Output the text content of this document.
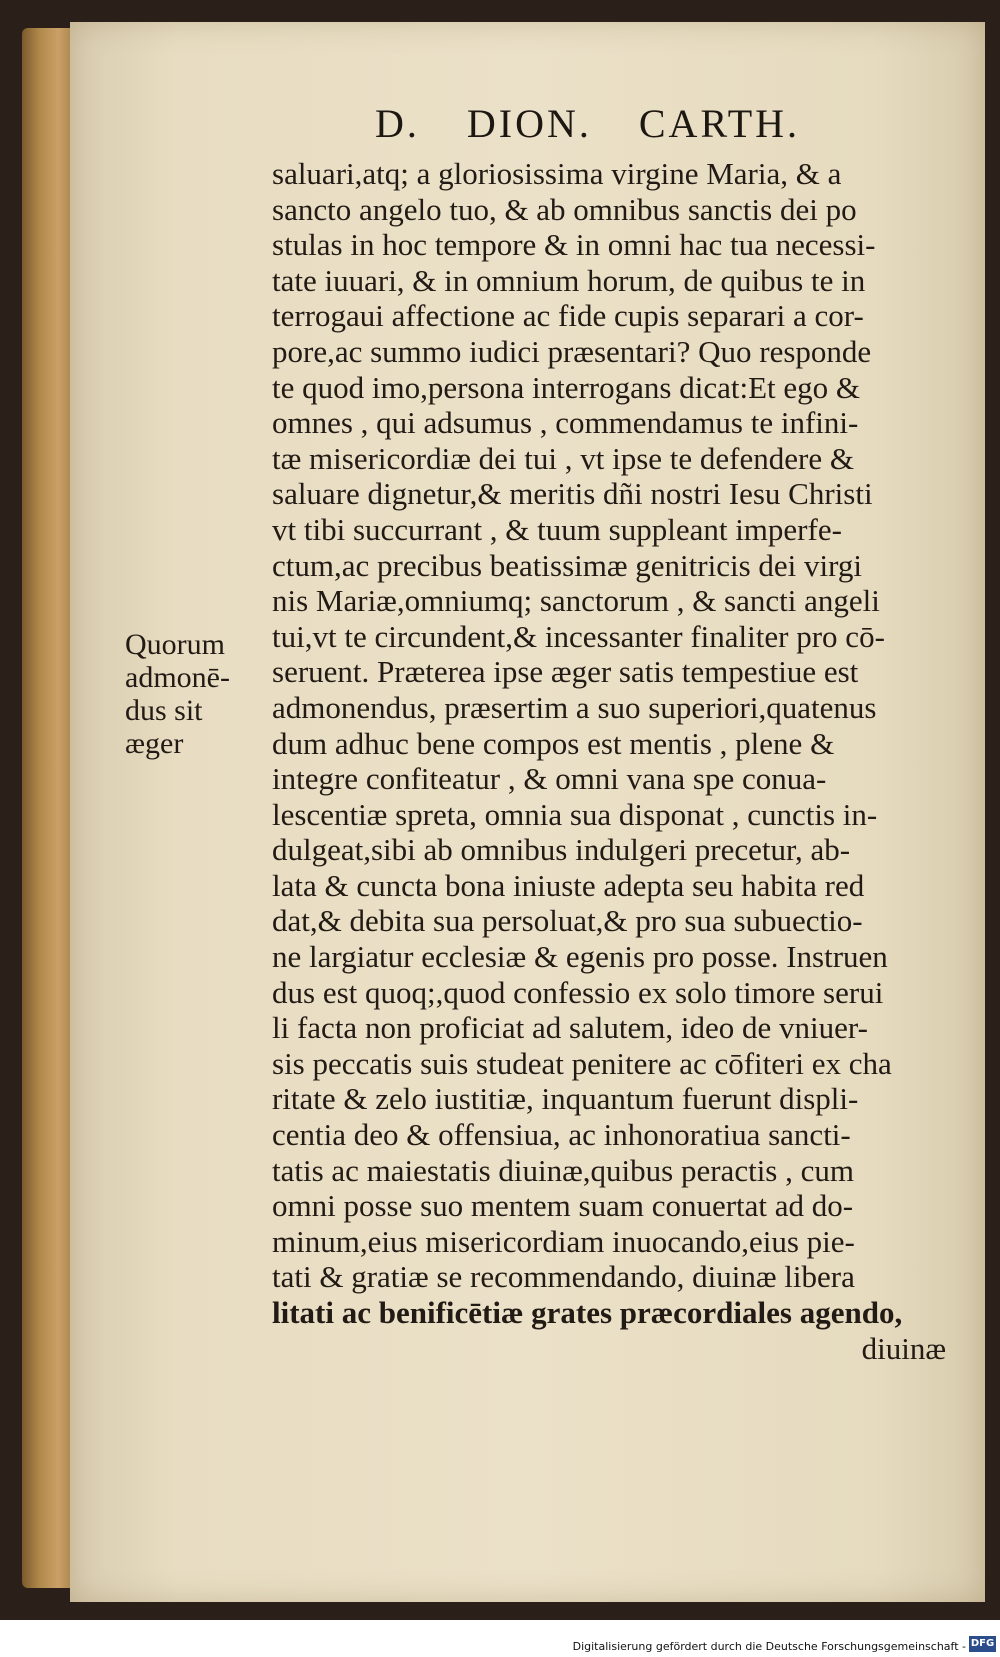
D. DION. CARTH.
Quorum
admonē-
dus sit
æger
saluari,atq; a gloriosissima virgine Maria, & a
sancto angelo tuo, & ab omnibus sanctis dei po
stulas in hoc tempore & in omni hac tua necessi-
tate iuuari, & in omnium horum, de quibus te in
terrogaui affectione ac fide cupis separari a cor-
pore,ac summo iudici præsentari? Quo responde
te quod imo,persona interrogans dicat:Et ego &
omnes , qui adsumus , commendamus te infini-
tæ misericordiæ dei tui , vt ipse te defendere &
saluare dignetur,& meritis dñi nostri Iesu Christi
vt tibi succurrant , & tuum suppleant imperfe-
ctum,ac precibus beatissimæ genitricis dei virgi
nis Mariæ,omniumq; sanctorum , & sancti angeli
tui,vt te circundent,& incessanter finaliter pro cō-
seruent. Præterea ipse æger satis tempestiue est
admonendus, præsertim a suo superiori,quatenus
dum adhuc bene compos est mentis , plene &
integre confiteatur , & omni vana spe conua-
lescentiæ spreta, omnia sua disponat , cunctis in-
dulgeat,sibi ab omnibus indulgeri precetur, ab-
lata & cuncta bona iniuste adepta seu habita red
dat,& debita sua persoluat,& pro sua subuectio-
ne largiatur ecclesiæ & egenis pro posse. Instruen
dus est quoq;,quod confessio ex solo timore serui
li facta non proficiat ad salutem, ideo de vniuer-
sis peccatis suis studeat penitere ac cōfiteri ex cha
ritate & zelo iustitiæ, inquantum fuerunt displi-
centia deo & offensiua, ac inhonoratiua sancti-
tatis ac maiestatis diuinæ,quibus peractis , cum
omni posse suo mentem suam conuertat ad do-
minum,eius misericordiam inuocando,eius pie-
tati & gratiæ se recommendando, diuinæ libera
litati ac benificētiæ grates præcordiales agendo,
diuinæ
Digitalisierung gefördert durch die Deutsche Forschungsgemeinschaft - DFG
